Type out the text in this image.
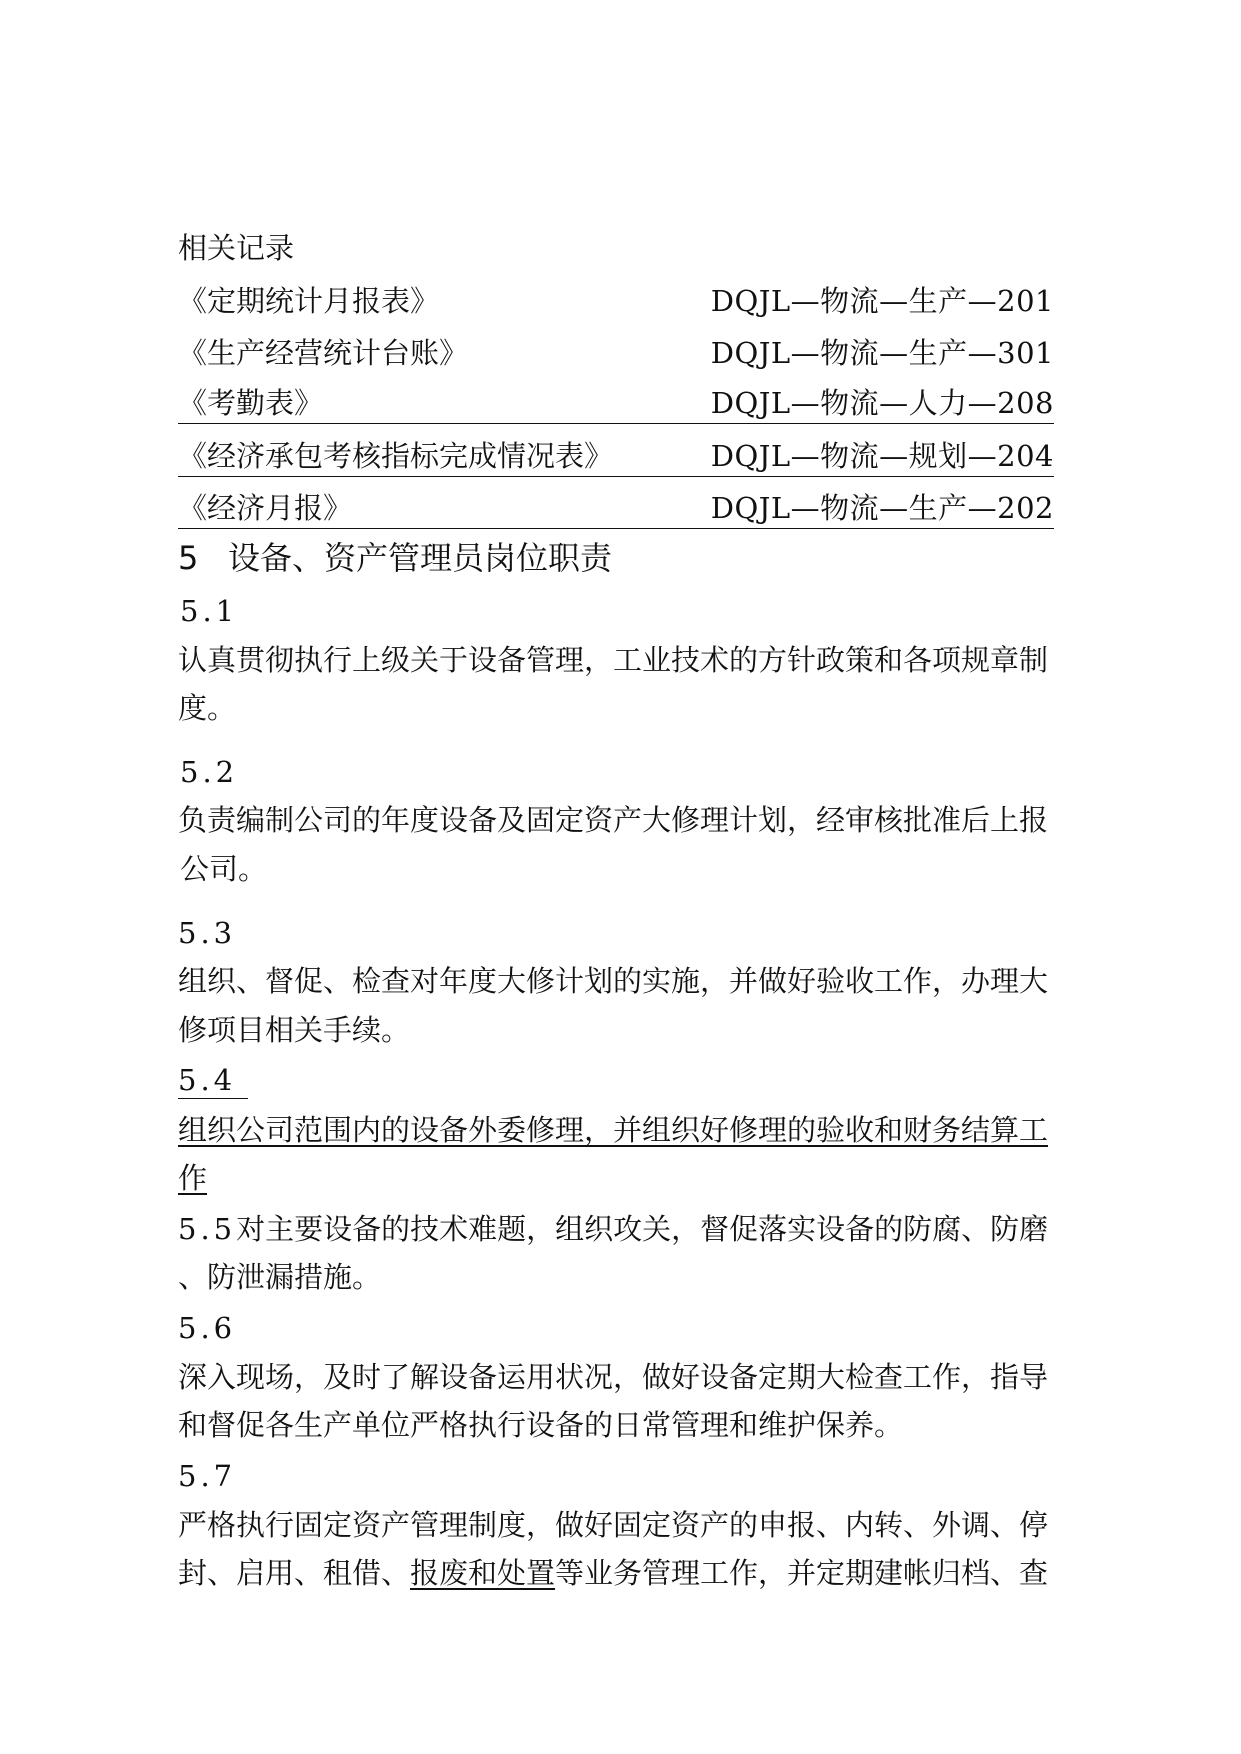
相关记录
《定期统计月报表》	DQJL—物流—生产—201
《生产经营统计台账》	DQJL—物流—生产—301
《考勤表》	DQJL—物流—人力—208
《经济承包考核指标完成情况表》	DQJL—物流—规划—204
《经济月报》	DQJL—物流—生产—202
5 设备、资产管理员岗位职责
5.1
认真贯彻执行上级关于设备管理，工业技术的方针政策和各项规章制
度。
5.2
负责编制公司的年度设备及固定资产大修理计划，经审核批准后上报
公司。
5.3
组织、督促、检查对年度大修计划的实施，并做好验收工作，办理大
修项目相关手续。
5.4
组织公司范围内的设备外委修理，并组织好修理的验收和财务结算工
作
5.5对主要设备的技术难题，组织攻关，督促落实设备的防腐、防磨
、防泄漏措施。
5.6
深入现场，及时了解设备运用状况，做好设备定期大检查工作，指导
和督促各生产单位严格执行设备的日常管理和维护保养。
5.7
严格执行固定资产管理制度，做好固定资产的申报、内转、外调、停
封、启用、租借、报废和处置等业务管理工作，并定期建帐归档、查
